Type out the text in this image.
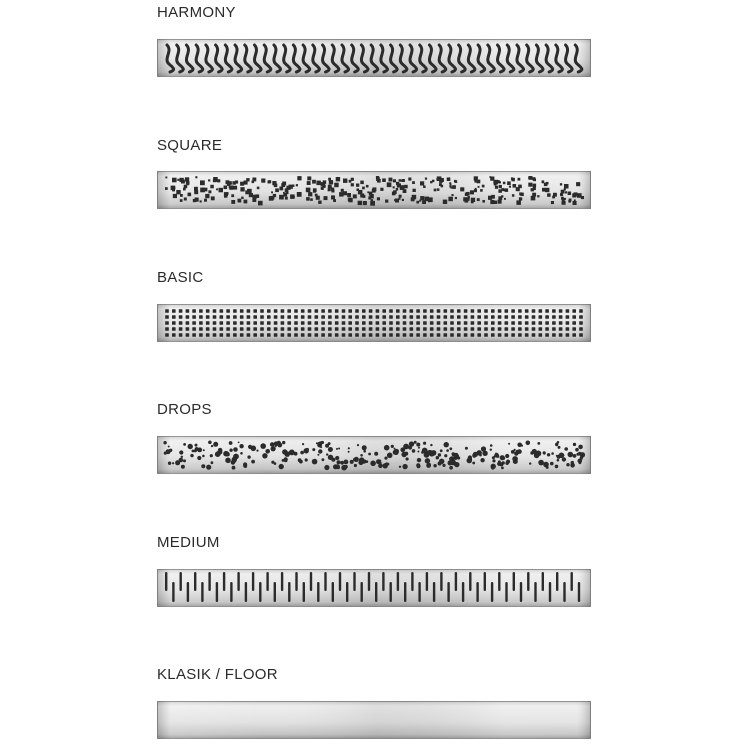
HARMONY
SQUARE
BASIC
DROPS
MEDIUM
KLASIK / FLOOR
